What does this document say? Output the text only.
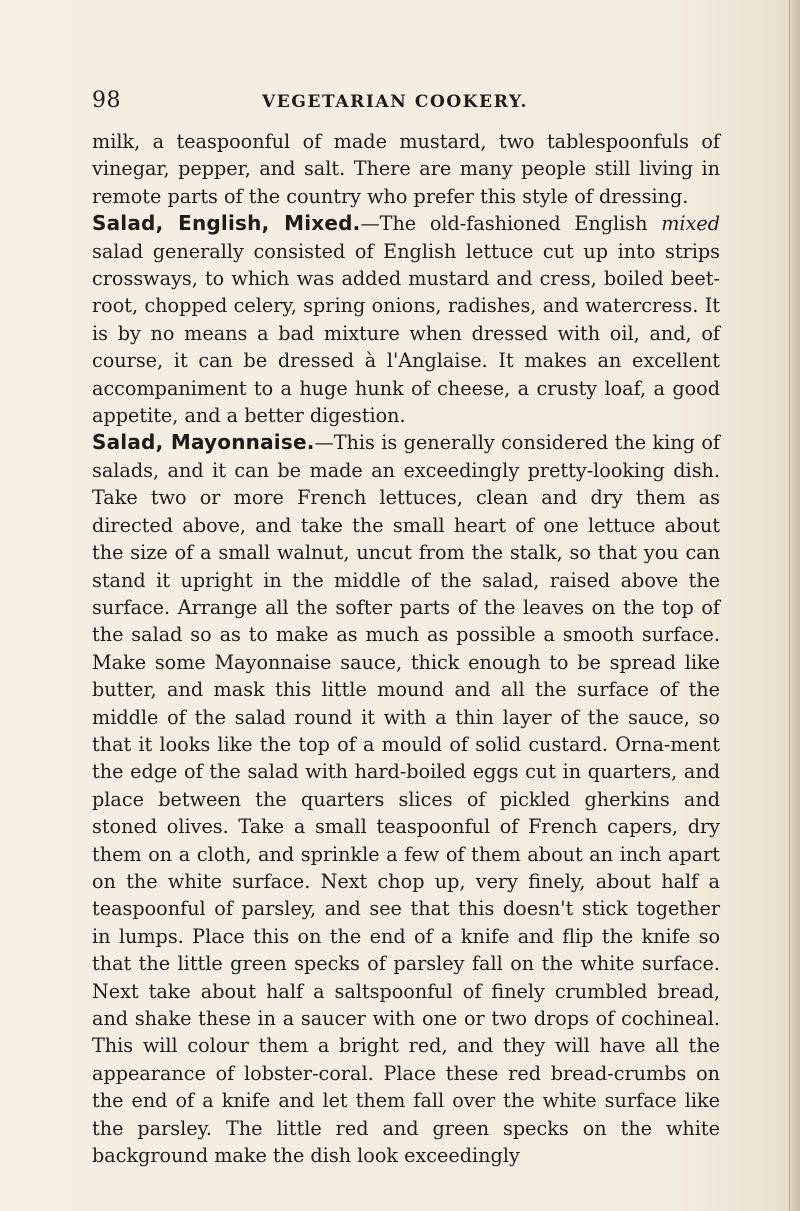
98	VEGETARIAN COOKERY.

milk, a teaspoonful of made mustard, two tablespoonfuls of vinegar, pepper, and salt. There are many people still living in remote parts of the country who prefer this style of dressing.

Salad, English, Mixed.—The old-fashioned English mixed salad generally consisted of English lettuce cut up into strips crossways, to which was added mustard and cress, boiled beet-root, chopped celery, spring onions, radishes, and watercress. It is by no means a bad mixture when dressed with oil, and, of course, it can be dressed à l'Anglaise. It makes an excellent accompaniment to a huge hunk of cheese, a crusty loaf, a good appetite, and a better digestion.

Salad, Mayonnaise.—This is generally considered the king of salads, and it can be made an exceedingly pretty-looking dish. Take two or more French lettuces, clean and dry them as directed above, and take the small heart of one lettuce about the size of a small walnut, uncut from the stalk, so that you can stand it upright in the middle of the salad, raised above the surface. Arrange all the softer parts of the leaves on the top of the salad so as to make as much as possible a smooth surface. Make some Mayonnaise sauce, thick enough to be spread like butter, and mask this little mound and all the surface of the middle of the salad round it with a thin layer of the sauce, so that it looks like the top of a mould of solid custard. Orna-ment the edge of the salad with hard-boiled eggs cut in quarters, and place between the quarters slices of pickled gherkins and stoned olives. Take a small teaspoonful of French capers, dry them on a cloth, and sprinkle a few of them about an inch apart on the white surface. Next chop up, very finely, about half a teaspoonful of parsley, and see that this doesn't stick together in lumps. Place this on the end of a knife and flip the knife so that the little green specks of parsley fall on the white surface. Next take about half a saltspoonful of finely crumbled bread, and shake these in a saucer with one or two drops of cochineal. This will colour them a bright red, and they will have all the appearance of lobster-coral. Place these red bread-crumbs on the end of a knife and let them fall over the white surface like the parsley. The little red and green specks on the white background make the dish look exceedingly
